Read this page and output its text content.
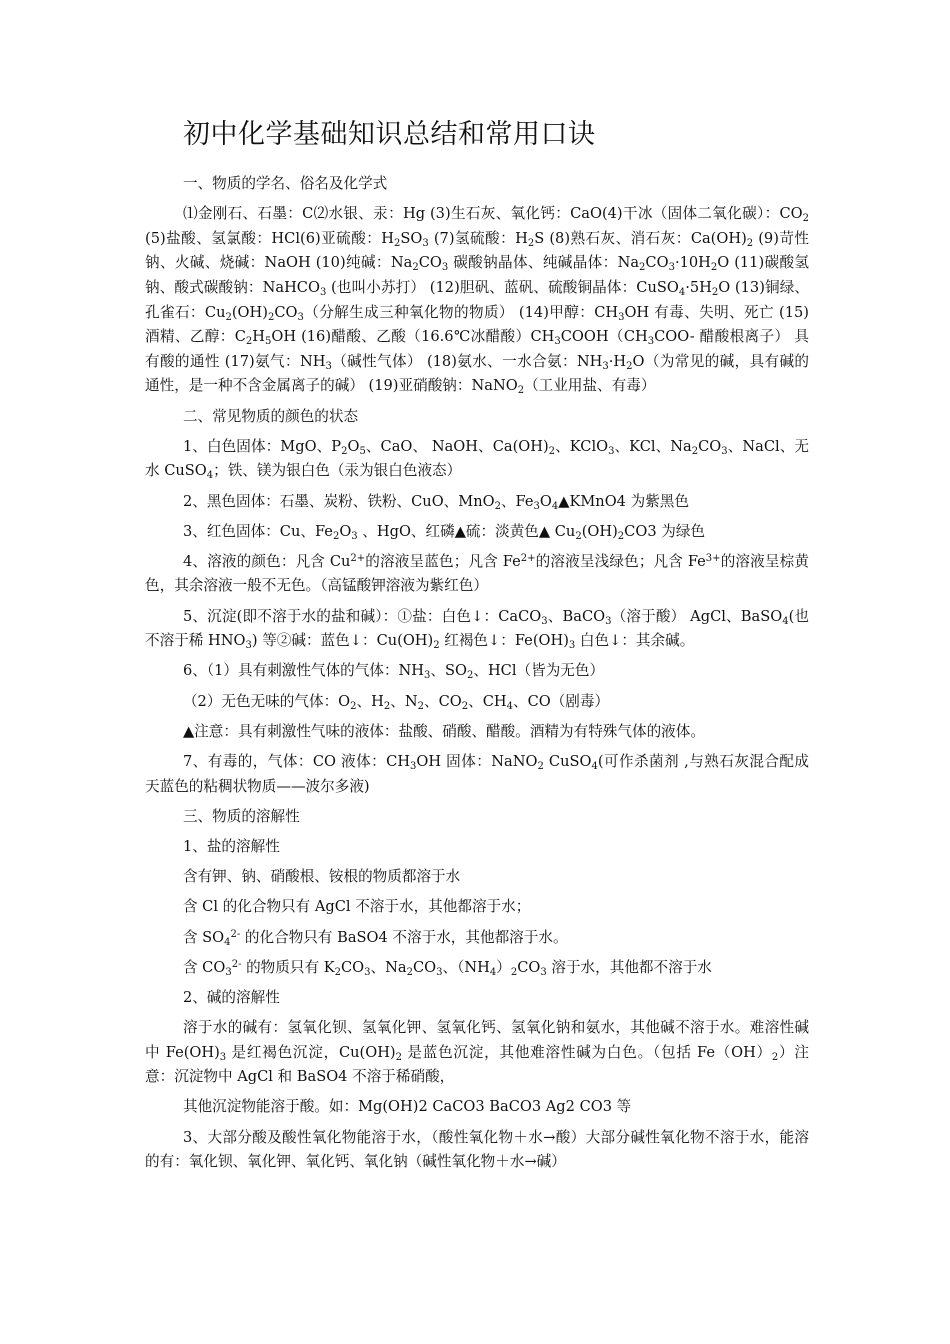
初中化学基础知识总结和常用口诀

一、物质的学名、俗名及化学式

⑴金刚石、石墨：C⑵水银、汞：Hg (3)生石灰、氧化钙：CaO(4)干冰（固体二氧化碳）：$CO_2$ (5)盐酸、氢氯酸：HCl(6)亚硫酸：$H_2SO_3$ (7)氢硫酸：$H_2S$ (8)熟石灰、消石灰：$Ca(OH)_2$ (9)苛性钠、火碱、烧碱：NaOH (10)纯碱：$Na_2CO_3$ 碳酸钠晶体、纯碱晶体：$Na_2CO_3\cdot 10H_2O$ (11)碳酸氢钠、酸式碳酸钠：NaHCO$_3$ (也叫小苏打） (12)胆矾、蓝矾、硫酸铜晶体：$CuSO_4\cdot 5H_2O$ (13)铜绿、孔雀石：$Cu_2(OH)_2CO_3$（分解生成三种氧化物的物质） (14)甲醇：$CH_3OH$ 有毒、失明、死亡 (15)酒精、乙醇：$C_2H_5OH$ (16)醋酸、乙酸（16.6℃冰醋酸）$CH_3COOH(CH_3COO-$ 醋酸根离子） 具有酸的通性 (17)氨气：$NH_3$（碱性气体） (18)氨水、一水合氨：$NH_3\cdot H_2O$（为常见的碱，具有碱的通性，是一种不含金属离子的碱） (19)亚硝酸钠：NaNO$_2$（工业用盐、有毒）

二、常见物质的颜色的状态

1、白色固体：MgO、$P_2O_5$、CaO、 NaOH、$Ca(OH)_2$、KClO$_3$、KCl、$Na_2CO_3$、NaCl、无水 CuSO$_4$；铁、镁为银白色（汞为银白色液态）

2、黑色固体：石墨、炭粉、铁粉、CuO、MnO$_2$、$Fe_3O_4▲KMnO4$ 为紫黑色

3、红色固体：Cu、$Fe_2O_3$ 、HgO、红磷▲硫：淡黄色▲ $Cu_2(OH)_2CO3$ 为绿色

4、溶液的颜色：凡含 $Cu^{2+}$的溶液呈蓝色；凡含 $Fe^{2+}$的溶液呈浅绿色；凡含 $Fe^{3+}$的溶液呈棕黄色，其余溶液一般不无色。（高锰酸钾溶液为紫红色）

5、沉淀(即不溶于水的盐和碱）：①盐：白色↓：CaCO$_3$、BaCO$_3$（溶于酸） AgCl、BaSO$_4$(也不溶于稀 $HNO_3$) 等②碱：蓝色↓：$Cu(OH)_2$ 红褐色↓：$Fe(OH)_3$ 白色↓：其余碱。

6、（1）具有刺激性气体的气体：$NH_3$、$SO_2$、HCl（皆为无色）

（2）无色无味的气体：$O_2$、$H_2$、$N_2$、$CO_2$、$CH_4$、CO（剧毒）

▲注意：具有刺激性气味的液体：盐酸、硝酸、醋酸。酒精为有特殊气体的液体。

7、有毒的，气体：CO 液体：$CH_3OH$ 固体：NaNO$_2$ CuSO$_4$(可作杀菌剂 ,与熟石灰混合配成天蓝色的粘稠状物质——波尔多液)

三、物质的溶解性

1、盐的溶解性

含有钾、钠、硝酸根、铵根的物质都溶于水

含 Cl 的化合物只有 AgCl 不溶于水，其他都溶于水；

含 $SO_4^{2-}$ 的化合物只有 BaSO4 不溶于水，其他都溶于水。

含 $CO_3^{2-}$ 的物质只有 $K_2CO_3$、$Na_2CO_3$、$(NH_4)_2CO_3$ 溶于水，其他都不溶于水

2、碱的溶解性

溶于水的碱有：氢氧化钡、氢氧化钾、氢氧化钙、氢氧化钠和氨水，其他碱不溶于水。难溶性碱中 $Fe(OH)_3$ 是红褐色沉淀，$Cu(OH)_2$ 是蓝色沉淀，其他难溶性碱为白色。（包括 $Fe(OH)_2$）注意：沉淀物中 AgCl 和 BaSO4 不溶于稀硝酸，

其他沉淀物能溶于酸。如：Mg(OH)2 CaCO3 BaCO3 Ag2 CO3 等

3、大部分酸及酸性氧化物能溶于水，（酸性氧化物＋水→酸）大部分碱性氧化物不溶于水，能溶的有：氧化钡、氧化钾、氧化钙、氧化钠（碱性氧化物＋水→碱）
